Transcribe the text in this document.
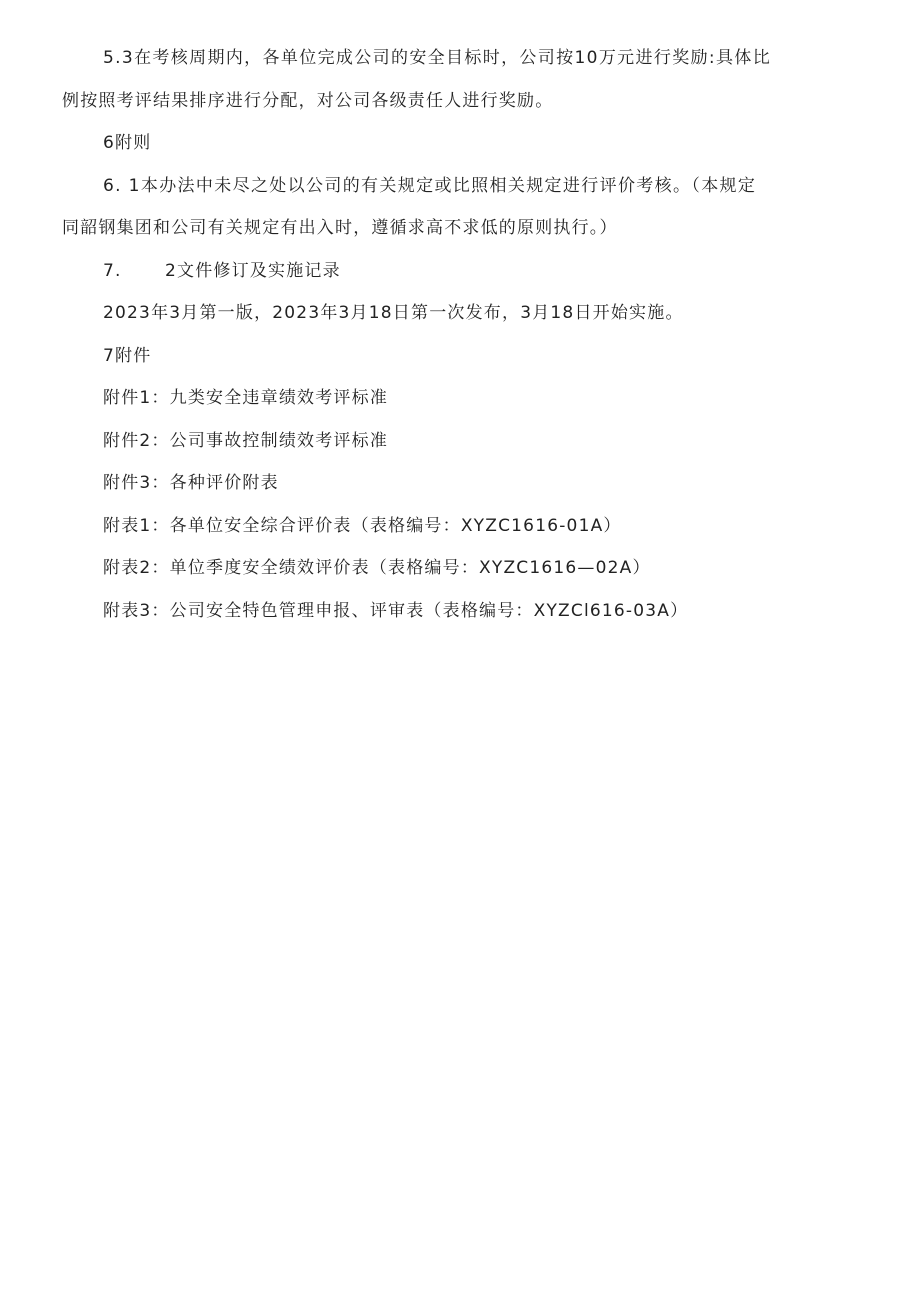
5.3在考核周期内，各单位完成公司的安全目标时，公司按10万元进行奖励:具体比
例按照考评结果排序进行分配，对公司各级责任人进行奖励。
6附则
6. 1本办法中未尽之处以公司的有关规定或比照相关规定进行评价考核。（本规定
同韶钢集团和公司有关规定有出入时，遵循求高不求低的原则执行。）
7.	2文件修订及实施记录
2023年3月第一版，2023年3月18日第一次发布，3月18日开始实施。
7附件
附件1：九类安全违章绩效考评标准
附件2：公司事故控制绩效考评标准
附件3：各种评价附表
附表1：各单位安全综合评价表（表格编号：XYZC1616-01A）
附表2：单位季度安全绩效评价表（表格编号：XYZC1616—02A）
附表3：公司安全特色管理申报、评审表（表格编号：XYZCl616-03A）
